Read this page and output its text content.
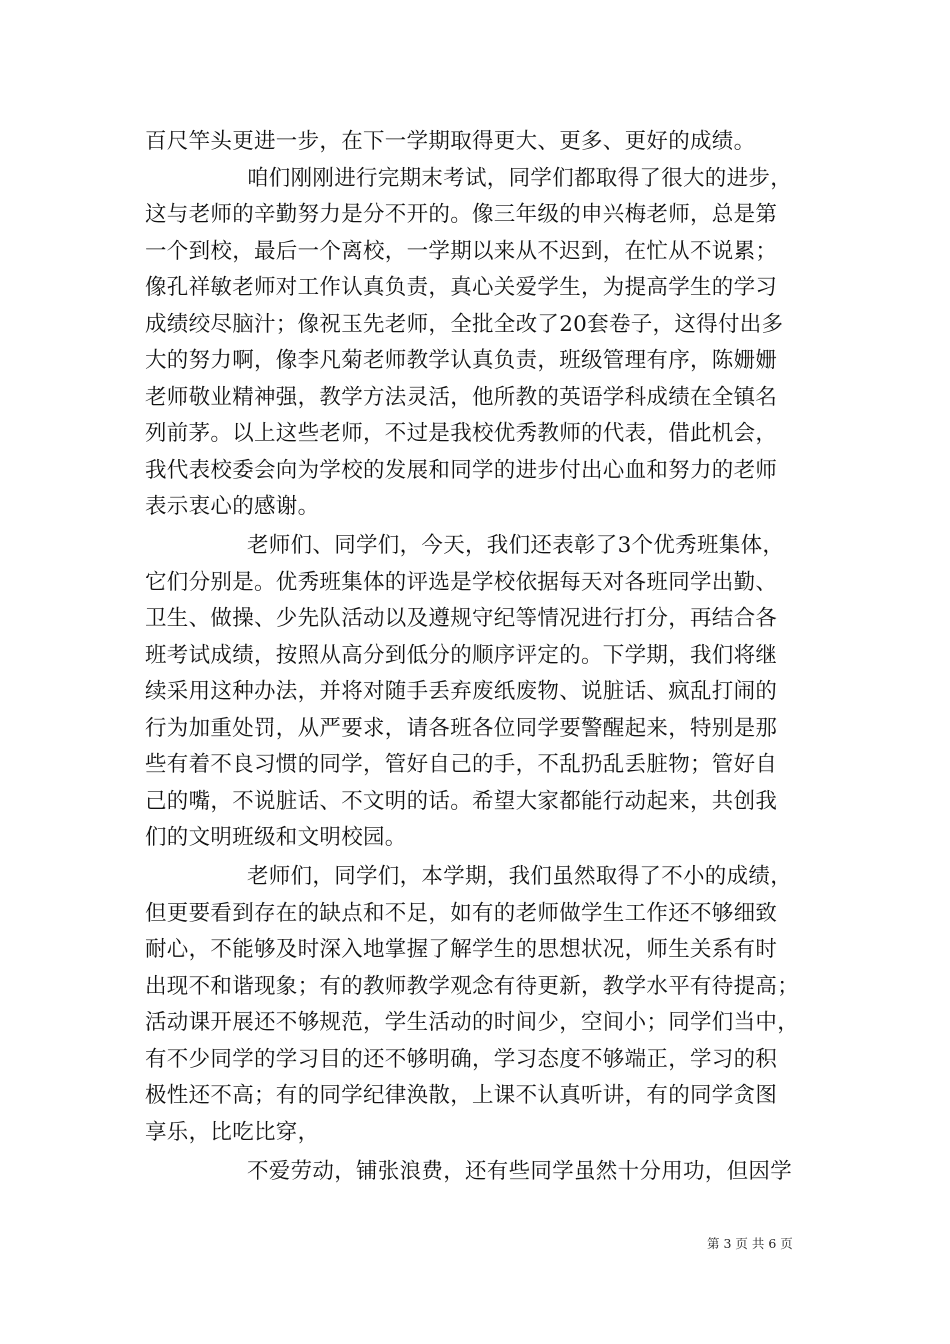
百尺竿头更进一步，在下一学期取得更大、更多、更好的成绩。
咱们刚刚进行完期末考试，同学们都取得了很大的进步，
这与老师的辛勤努力是分不开的。像三年级的申兴梅老师，总是第
一个到校，最后一个离校，一学期以来从不迟到，在忙从不说累；
像孔祥敏老师对工作认真负责，真心关爱学生，为提高学生的学习
成绩绞尽脑汁；像祝玉先老师，全批全改了20套卷子，这得付出多
大的努力啊，像李凡菊老师教学认真负责，班级管理有序，陈姗姗
老师敬业精神强，教学方法灵活，他所教的英语学科成绩在全镇名
列前茅。以上这些老师，不过是我校优秀教师的代表，借此机会，
我代表校委会向为学校的发展和同学的进步付出心血和努力的老师
表示衷心的感谢。
老师们、同学们，今天，我们还表彰了3个优秀班集体，
它们分别是。优秀班集体的评选是学校依据每天对各班同学出勤、
卫生、做操、少先队活动以及遵规守纪等情况进行打分，再结合各
班考试成绩，按照从高分到低分的顺序评定的。下学期，我们将继
续采用这种办法，并将对随手丢弃废纸废物、说脏话、疯乱打闹的
行为加重处罚，从严要求，请各班各位同学要警醒起来，特别是那
些有着不良习惯的同学，管好自己的手，不乱扔乱丢脏物；管好自
己的嘴，不说脏话、不文明的话。希望大家都能行动起来，共创我
们的文明班级和文明校园。
老师们，同学们，本学期，我们虽然取得了不小的成绩，
但更要看到存在的缺点和不足，如有的老师做学生工作还不够细致
耐心，不能够及时深入地掌握了解学生的思想状况，师生关系有时
出现不和谐现象；有的教师教学观念有待更新，教学水平有待提高；
活动课开展还不够规范，学生活动的时间少，空间小；同学们当中，
有不少同学的学习目的还不够明确，学习态度不够端正，学习的积
极性还不高；有的同学纪律涣散，上课不认真听讲，有的同学贪图
享乐，比吃比穿，
不爱劳动，铺张浪费，还有些同学虽然十分用功，但因学
第 3 页 共 6 页
